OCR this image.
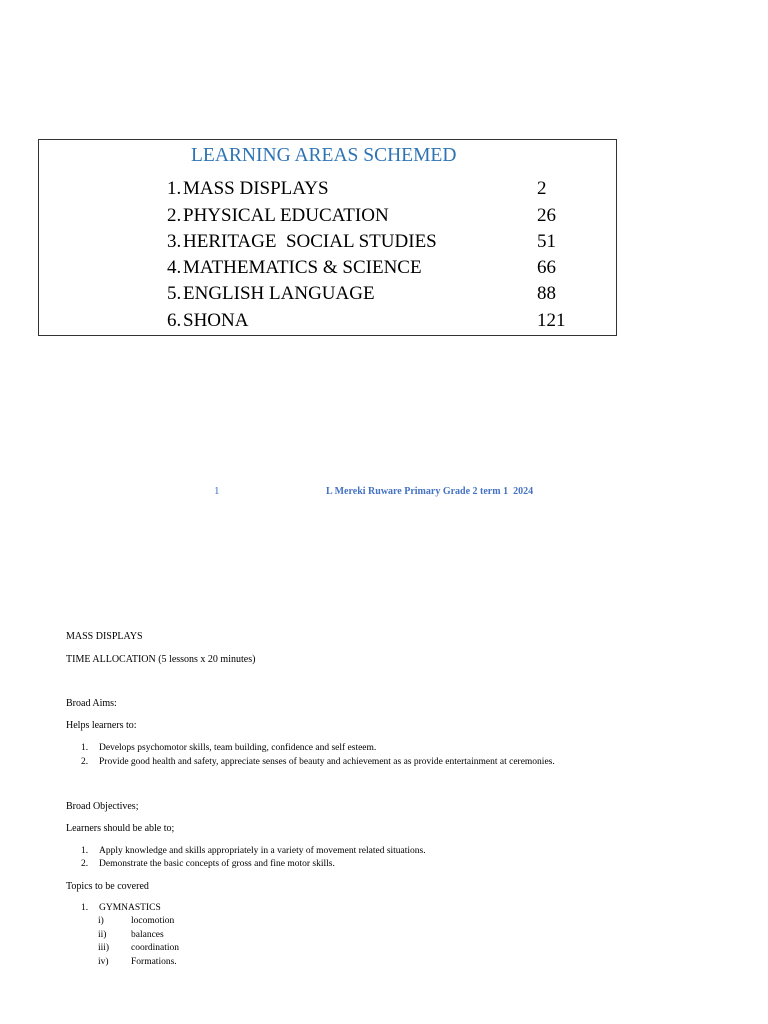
LEARNING AREAS SCHEMED
1. MASS DISPLAYS	2
2. PHYSICAL EDUCATION	26
3. HERITAGE  SOCIAL STUDIES	51
4. MATHEMATICS & SCIENCE	66
5. ENGLISH LANGUAGE	88
6. SHONA	121
1	L Mereki Ruware Primary Grade 2 term 1  2024
MASS DISPLAYS
TIME ALLOCATION (5 lessons x 20 minutes)
Broad Aims:
Helps learners to:
1. Develops psychomotor skills, team building, confidence and self esteem.
2. Provide good health and safety, appreciate senses of beauty and achievement as as provide entertainment at ceremonies.
Broad Objectives;
Learners should be able to;
1. Apply knowledge and skills appropriately in a variety of movement related situations.
2. Demonstrate the basic concepts of gross and fine motor skills.
Topics to be covered
1. GYMNASTICS
i)	locomotion
ii)	balances
iii) coordination
iv) Formations.
